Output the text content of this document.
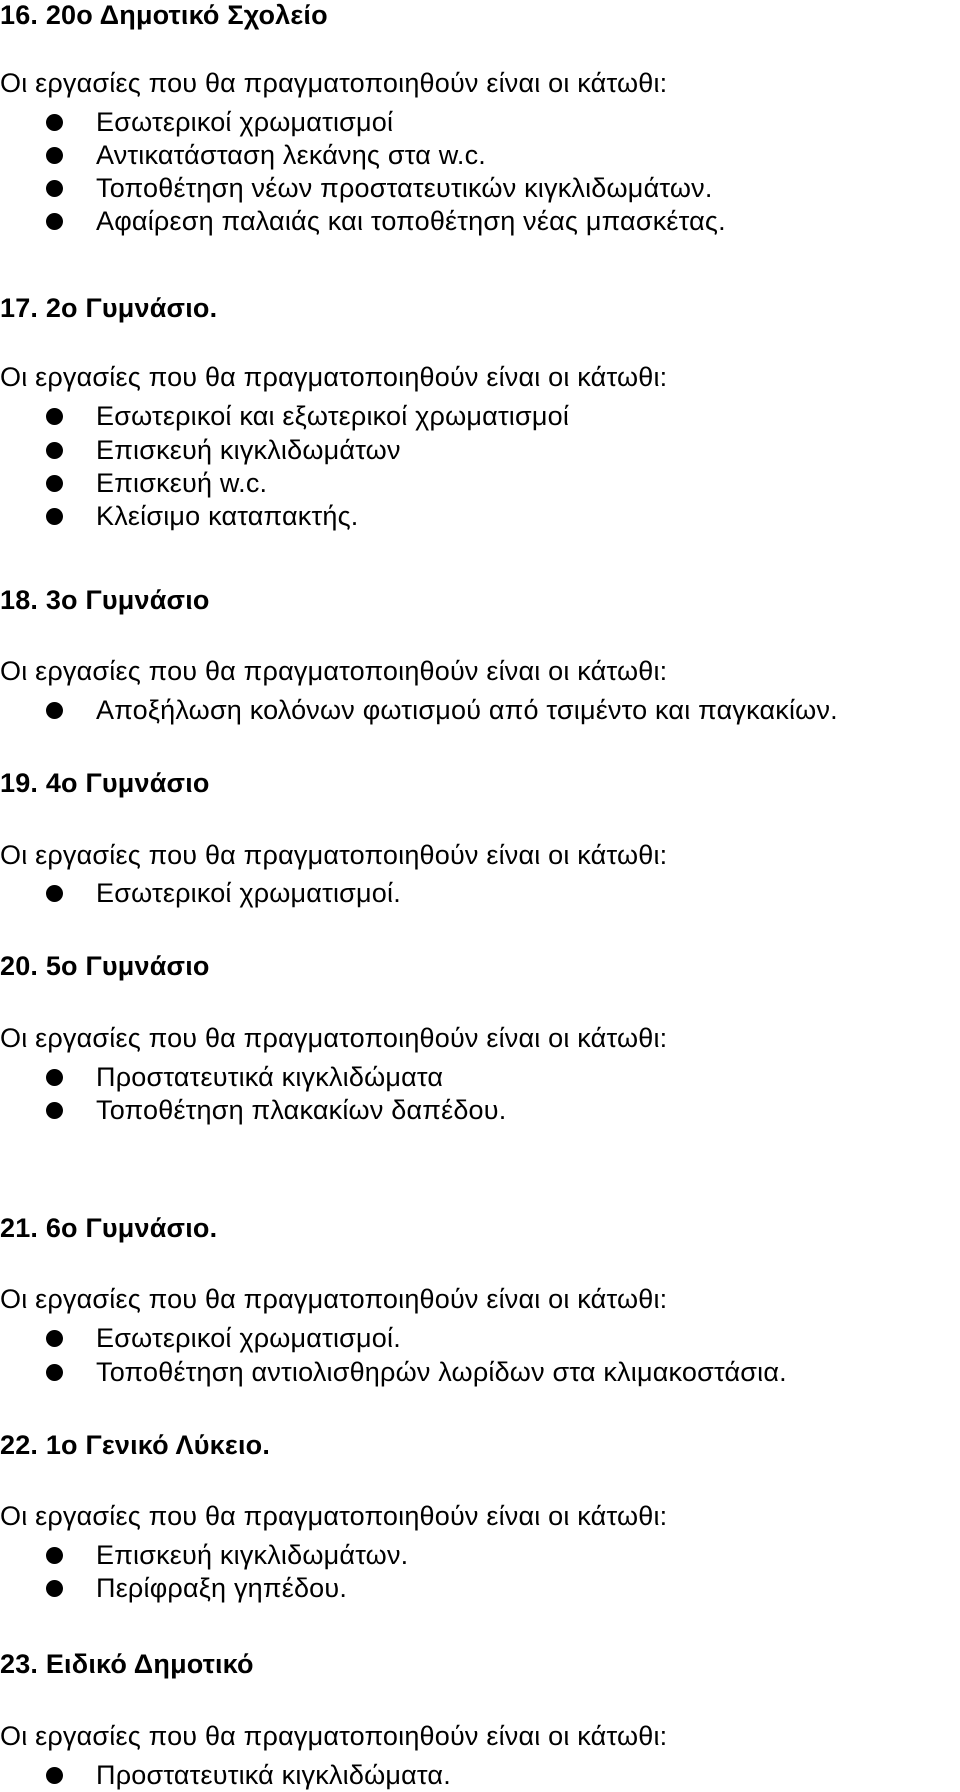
16. 20ο Δημοτικό Σχολείο
Οι εργασίες που θα πραγματοποιηθούν είναι οι κάτωθι:
Εσωτερικοί χρωματισμοί
Αντικατάσταση λεκάνης στα w.c.
Τοποθέτηση νέων προστατευτικών κιγκλιδωμάτων.
Αφαίρεση παλαιάς και τοποθέτηση νέας μπασκέτας.
17. 2ο Γυμνάσιο.
Οι εργασίες που θα πραγματοποιηθούν είναι οι κάτωθι:
Εσωτερικοί και εξωτερικοί χρωματισμοί
Επισκευή κιγκλιδωμάτων
Επισκευή w.c.
Κλείσιμο καταπακτής.
18. 3ο Γυμνάσιο
Οι εργασίες που θα πραγματοποιηθούν είναι οι κάτωθι:
Αποξήλωση κολόνων φωτισμού από τσιμέντο και παγκακίων.
19. 4ο Γυμνάσιο
Οι εργασίες που θα πραγματοποιηθούν είναι οι κάτωθι:
Εσωτερικοί χρωματισμοί.
20. 5ο Γυμνάσιο
Οι εργασίες που θα πραγματοποιηθούν είναι οι κάτωθι:
Προστατευτικά κιγκλιδώματα
Τοποθέτηση πλακακίων δαπέδου.
21. 6ο Γυμνάσιο.
Οι εργασίες που θα πραγματοποιηθούν είναι οι κάτωθι:
Εσωτερικοί χρωματισμοί.
Τοποθέτηση αντιολισθηρών λωρίδων στα κλιμακοστάσια.
22. 1ο Γενικό Λύκειο.
Οι εργασίες που θα πραγματοποιηθούν είναι οι κάτωθι:
Επισκευή κιγκλιδωμάτων.
Περίφραξη γηπέδου.
23. Ειδικό Δημοτικό
Οι εργασίες που θα πραγματοποιηθούν είναι οι κάτωθι:
Προστατευτικά κιγκλιδώματα.
